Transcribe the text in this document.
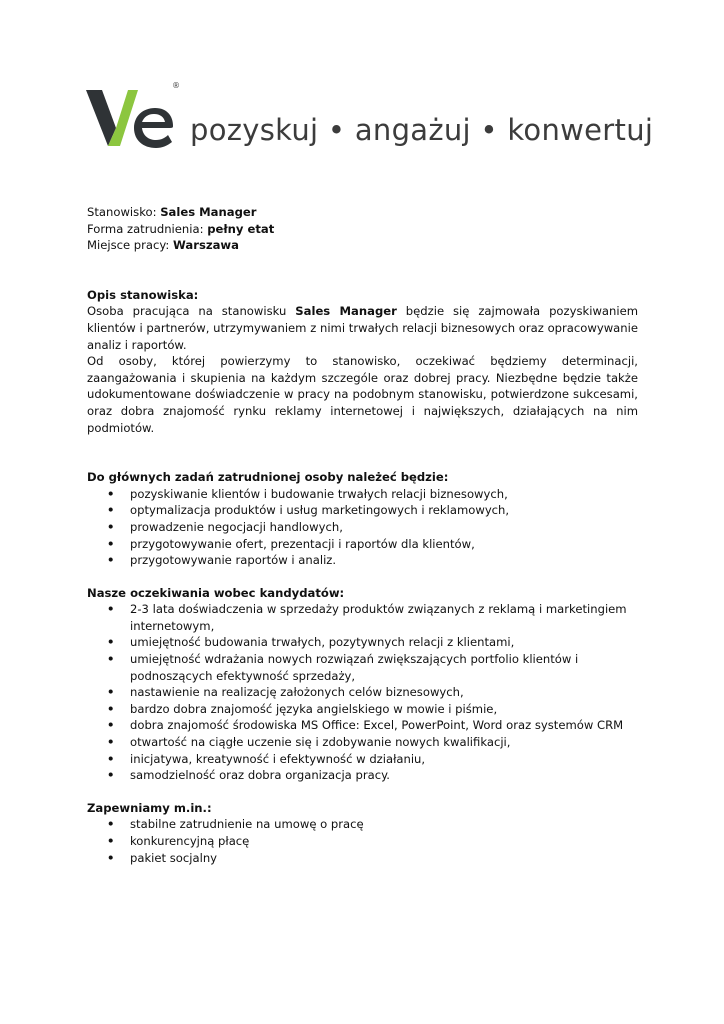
®
pozyskuj • angażuj • konwertuj

Stanowisko: Sales Manager

Forma zatrudnienia: pełny etat

Miejsce pracy: Warszawa

Opis stanowiska:

Osoba pracująca na stanowisku Sales Manager będzie się zajmowała pozyskiwaniem klientów i partnerów, utrzymywaniem z nimi trwałych relacji biznesowych oraz opracowywanie analiz i raportów.

Od osoby, której powierzymy to stanowisko, oczekiwać będziemy determinacji, zaangażowania i skupienia na każdym szczególe oraz dobrej pracy. Niezbędne będzie także udokumentowane doświadczenie w pracy na podobnym stanowisku, potwierdzone sukcesami, oraz dobra znajomość rynku reklamy internetowej i największych, działających na nim podmiotów.

Do głównych zadań zatrudnionej osoby należeć będzie:

• pozyskiwanie klientów i budowanie trwałych relacji biznesowych,
• optymalizacja produktów i usług marketingowych i reklamowych,
• prowadzenie negocjacji handlowych,
• przygotowywanie ofert, prezentacji i raportów dla klientów,
• przygotowywanie raportów i analiz.

Nasze oczekiwania wobec kandydatów:

• 2-3 lata doświadczenia w sprzedaży produktów związanych z reklamą i marketingiem internetowym,
• umiejętność budowania trwałych, pozytywnych relacji z klientami,
• umiejętność wdrażania nowych rozwiązań zwiększających portfolio klientów i podnoszących efektywność sprzedaży,
• nastawienie na realizację założonych celów biznesowych,
• bardzo dobra znajomość języka angielskiego w mowie i piśmie,
• dobra znajomość środowiska MS Office: Excel, PowerPoint, Word oraz systemów CRM
• otwartość na ciągłe uczenie się i zdobywanie nowych kwalifikacji,
• inicjatywa, kreatywność i efektywność w działaniu,
• samodzielność oraz dobra organizacja pracy.

Zapewniamy m.in.:

• stabilne zatrudnienie na umowę o pracę
• konkurencyjną płacę
• pakiet socjalny
